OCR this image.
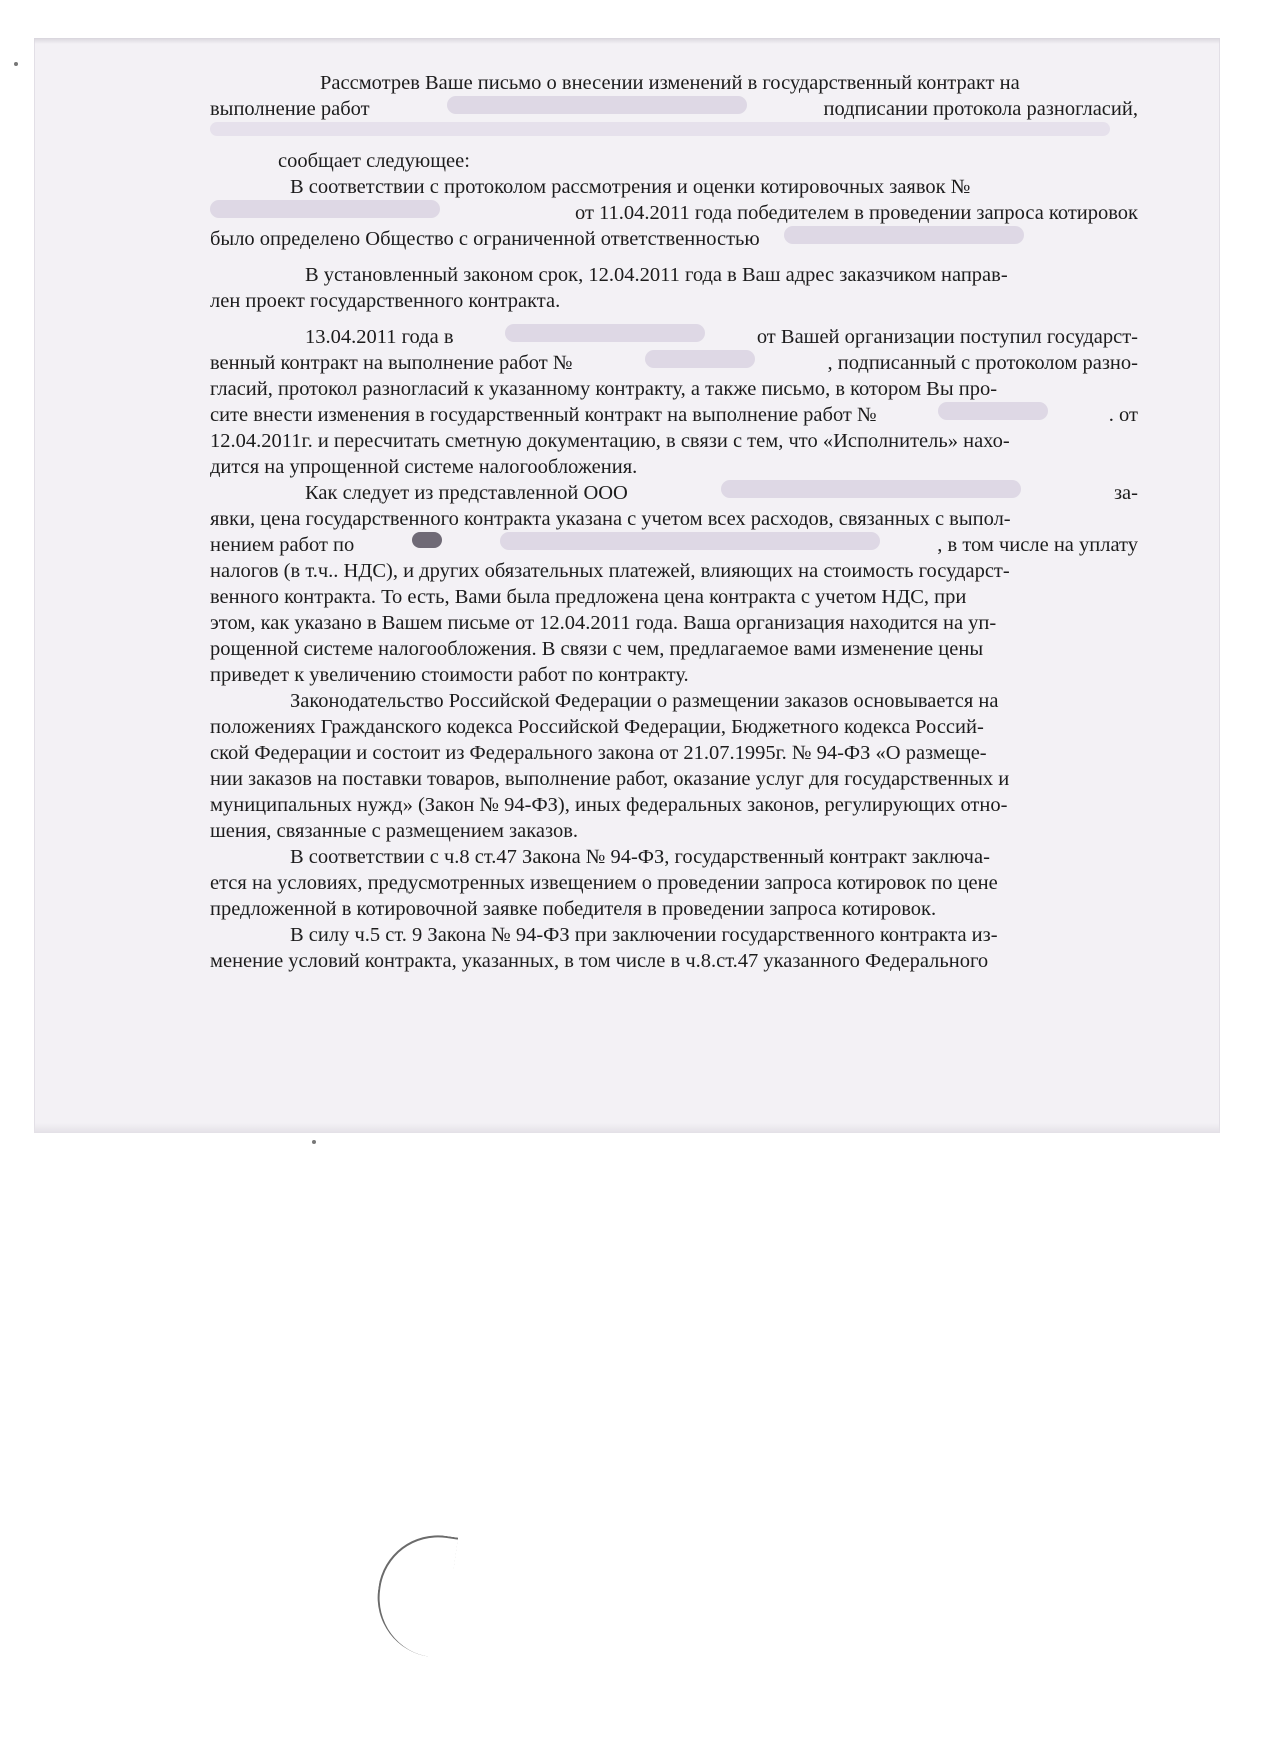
Рассмотрев Ваше письмо о внесении изменений в государственный контракт на
выполнение работ	подписании протокола разногласий,
сообщает следующее:
В соответствии с протоколом рассмотрения и оценки котировочных заявок №
от 11.04.2011 года победителем в проведении запроса котировок
было определено Общество с ограниченной ответственностью
В установленный законом срок, 12.04.2011 года в Ваш адрес заказчиком направ-
лен проект государственного контракта.
13.04.2011 года в	от Вашей организации поступил государст-
венный контракт на выполнение работ №	, подписанный с протоколом разно-
гласий, протокол разногласий к указанному контракту, а также письмо, в котором Вы про-
сите внести изменения в государственный контракт на выполнение работ №	. от
12.04.2011г. и пересчитать сметную документацию, в связи с тем, что «Исполнитель» нахо-
дится на упрощенной системе налогообложения.
Как следует из представленной ООО	за-
явки, цена государственного контракта указана с учетом всех расходов, связанных с выпол-
нением работ по	, в том числе на уплату
налогов (в т.ч.. НДС), и других обязательных платежей, влияющих на стоимость государст-
венного контракта. То есть, Вами была предложена цена контракта с учетом НДС, при
этом, как указано в Вашем письме от 12.04.2011 года. Ваша организация находится на уп-
рощенной системе налогообложения. В связи с чем, предлагаемое вами изменение цены
приведет к увеличению стоимости работ по контракту.
Законодательство Российской Федерации о размещении заказов основывается на
положениях Гражданского кодекса Российской Федерации, Бюджетного кодекса Россий-
ской Федерации и состоит из Федерального закона от 21.07.1995г. № 94-ФЗ «О размеще-
нии заказов на поставки товаров, выполнение работ, оказание услуг для государственных и
муниципальных нужд» (Закон № 94-ФЗ), иных федеральных законов, регулирующих отно-
шения, связанные с размещением заказов.
В соответствии с ч.8 ст.47 Закона № 94-ФЗ, государственный контракт заключа-
ется на условиях, предусмотренных извещением о проведении запроса котировок по цене
предложенной в котировочной заявке победителя в проведении запроса котировок.
В силу ч.5 ст. 9 Закона № 94-ФЗ при заключении государственного контракта из-
менение условий контракта, указанных, в том числе в ч.8.ст.47 указанного Федерального
